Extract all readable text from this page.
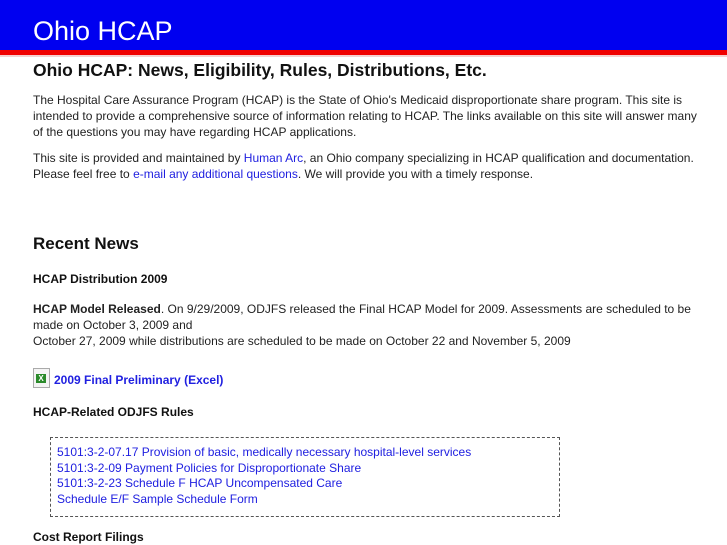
Ohio HCAP
Ohio HCAP: News, Eligibility, Rules, Distributions, Etc.

The Hospital Care Assurance Program (HCAP) is the State of Ohio's Medicaid disproportionate share program. This site is intended to provide a comprehensive source of information relating to HCAP. The links available on this site will answer many of the questions you may have regarding HCAP applications.

This site is provided and maintained by Human Arc, an Ohio company specializing in HCAP qualification and documentation. Please feel free to e-mail any additional questions. We will provide you with a timely response.

Recent News
HCAP Distribution 2009

HCAP Model Released. On 9/29/2009, ODJFS released the Final HCAP Model for 2009. Assessments are scheduled to be made on October 3, 2009 and
October 27, 2009 while distributions are scheduled to be made on October 22 and November 5, 2009

X 2009 Final Preliminary (Excel)
HCAP-Related ODJFS Rules
5101:3-2-07.17 Provision of basic, medically necessary hospital-level services
5101:3-2-09 Payment Policies for Disproportionate Share
5101:3-2-23 Schedule F HCAP Uncompensated Care
Schedule E/F Sample Schedule Form
Cost Report Filings
